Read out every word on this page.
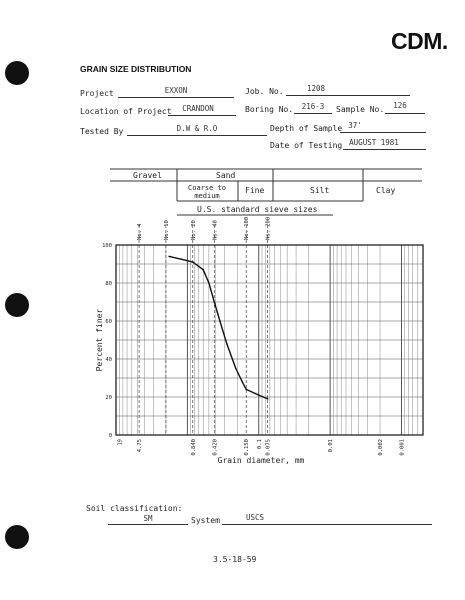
CDM.
GRAIN SIZE DISTRIBUTION
Project	EXXON	Job. No.	1208
Location of Project	CRANDON	Boring No.	216-3	Sample No.	126
Tested By	D.W & R.O	Depth of Sample 37'
Date of Testing AUGUST 1981
Gravel	Sand
Coarse to medium
Fine	Silt	Clay
U.S. standard sieve sizes
No. 4	No. 10	No. 20	No. 40	No. 100	No. 200
0
20
40
60
80
100
19	4.75	0.840	0.420	0.150 0.1 0.075	0.01	0.002	0.001
Percent finer
Grain diameter, mm
Soil classification:
SM	System	USCS
3.5-18-59
